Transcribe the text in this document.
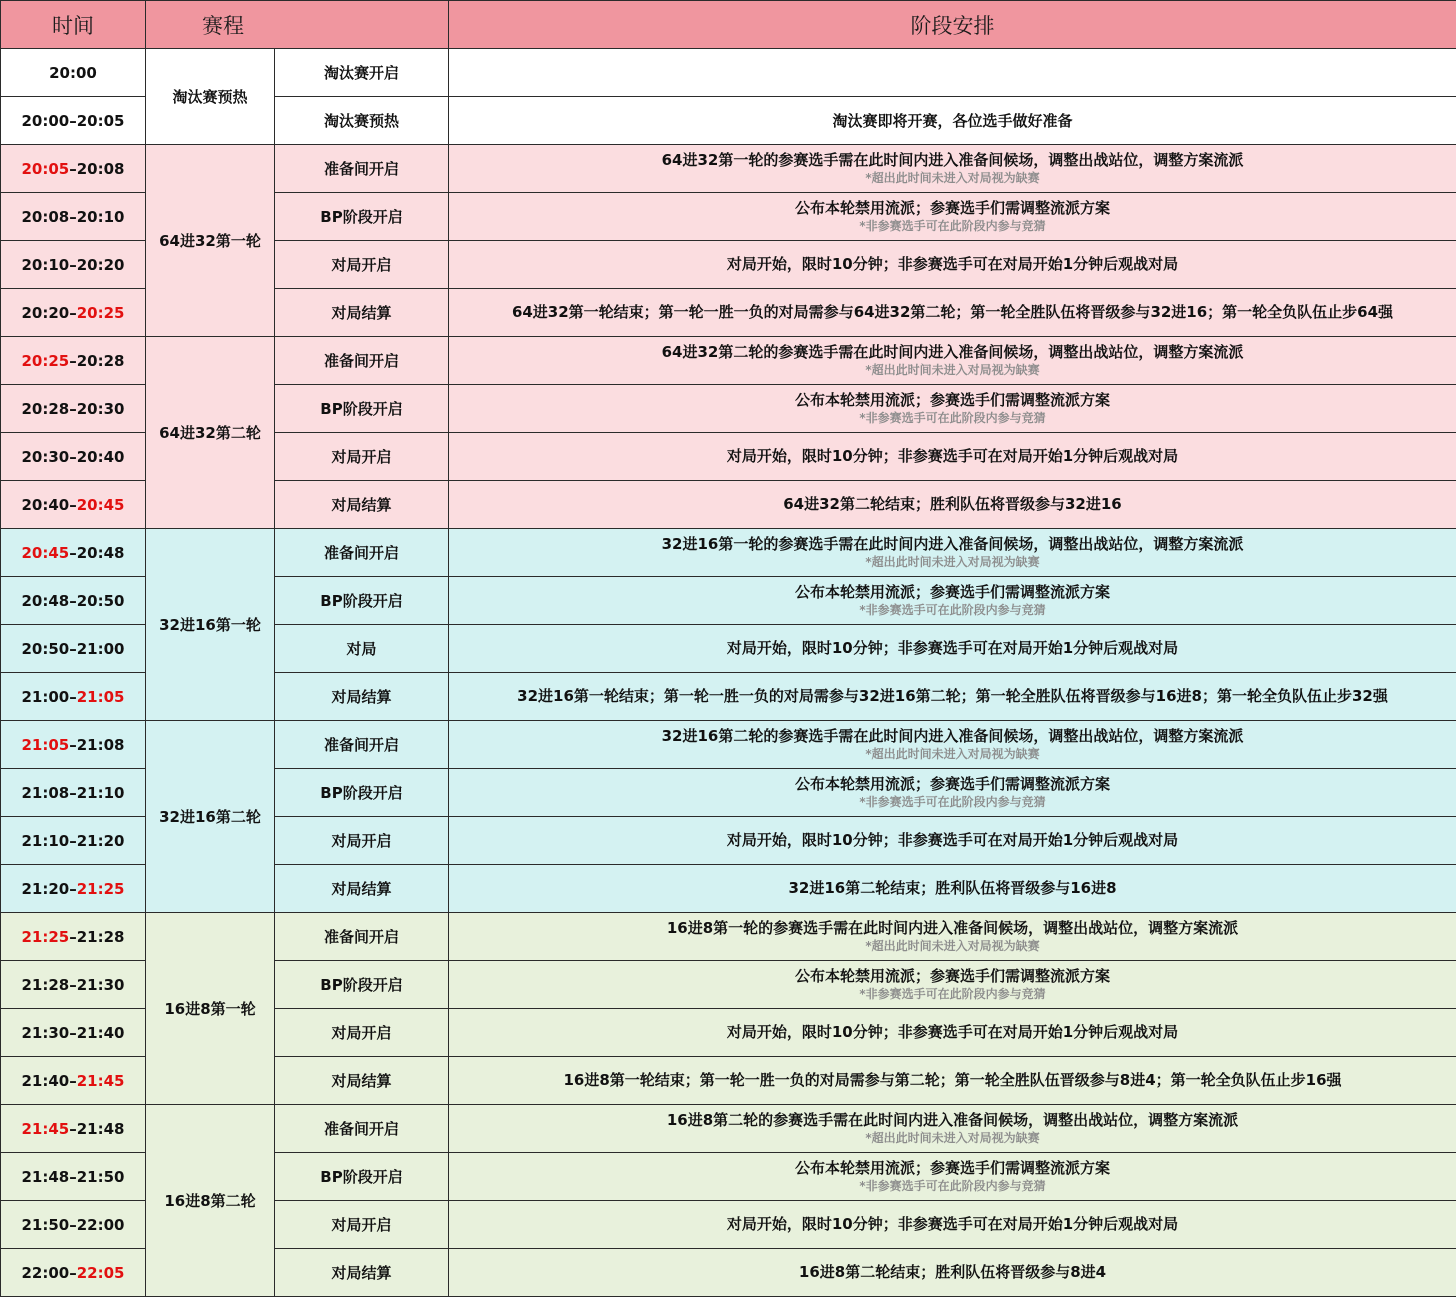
时间	赛程		阶段安排
20:00	淘汰赛预热	淘汰赛开启	
20:00–20:05		淘汰赛预热	淘汰赛即将开赛，各位选手做好准备
20:05–20:08	64进32第一轮	准备间开启	64进32第一轮的参赛选手需在此时间内进入准备间候场，调整出战站位，调整方案流派
*超出此时间未进入对局视为缺赛

20:08–20:10		BP阶段开启	公布本轮禁用流派；参赛选手们需调整流派方案
*非参赛选手可在此阶段内参与竞猜

20:10–20:20		对局开启	对局开始，限时10分钟；非参赛选手可在对局开始1分钟后观战对局

20:20–20:25		对局结算	64进32第一轮结束；第一轮一胜一负的对局需参与64进32第二轮；第一轮全胜队伍将晋级参与32进16；第一轮全负队伍止步64强

20:25–20:28	64进32第二轮	准备间开启	64进32第二轮的参赛选手需在此时间内进入准备间候场，调整出战站位，调整方案流派
*超出此时间未进入对局视为缺赛

20:28–20:30		BP阶段开启	公布本轮禁用流派；参赛选手们需调整流派方案
*非参赛选手可在此阶段内参与竞猜

20:30–20:40		对局开启	对局开始，限时10分钟；非参赛选手可在对局开始1分钟后观战对局

20:40–20:45		对局结算	64进32第二轮结束；胜利队伍将晋级参与32进16

20:45–20:48	32进16第一轮	准备间开启	32进16第一轮的参赛选手需在此时间内进入准备间候场，调整出战站位，调整方案流派
*超出此时间未进入对局视为缺赛

20:48–20:50		BP阶段开启	公布本轮禁用流派；参赛选手们需调整流派方案
*非参赛选手可在此阶段内参与竞猜

20:50–21:00		对局	对局开始，限时10分钟；非参赛选手可在对局开始1分钟后观战对局

21:00–21:05		对局结算	32进16第一轮结束；第一轮一胜一负的对局需参与32进16第二轮；第一轮全胜队伍将晋级参与16进8；第一轮全负队伍止步32强

21:05–21:08	32进16第二轮	准备间开启	32进16第二轮的参赛选手需在此时间内进入准备间候场，调整出战站位，调整方案流派
*超出此时间未进入对局视为缺赛

21:08–21:10		BP阶段开启	公布本轮禁用流派；参赛选手们需调整流派方案
*非参赛选手可在此阶段内参与竞猜

21:10–21:20		对局开启	对局开始，限时10分钟；非参赛选手可在对局开始1分钟后观战对局

21:20–21:25		对局结算	32进16第二轮结束；胜利队伍将晋级参与16进8

21:25–21:28	16进8第一轮	准备间开启	16进8第一轮的参赛选手需在此时间内进入准备间候场，调整出战站位，调整方案流派
*超出此时间未进入对局视为缺赛

21:28–21:30		BP阶段开启	公布本轮禁用流派；参赛选手们需调整流派方案
*非参赛选手可在此阶段内参与竞猜

21:30–21:40		对局开启	对局开始，限时10分钟；非参赛选手可在对局开始1分钟后观战对局

21:40–21:45		对局结算	16进8第一轮结束；第一轮一胜一负的对局需参与第二轮；第一轮全胜队伍晋级参与8进4；第一轮全负队伍止步16强

21:45–21:48	16进8第二轮	准备间开启	16进8第二轮的参赛选手需在此时间内进入准备间候场，调整出战站位，调整方案流派
*超出此时间未进入对局视为缺赛

21:48–21:50		BP阶段开启	公布本轮禁用流派；参赛选手们需调整流派方案
*非参赛选手可在此阶段内参与竞猜

21:50–22:00		对局开启	对局开始，限时10分钟；非参赛选手可在对局开始1分钟后观战对局

22:00–22:05		对局结算	16进8第二轮结束；胜利队伍将晋级参与8进4
